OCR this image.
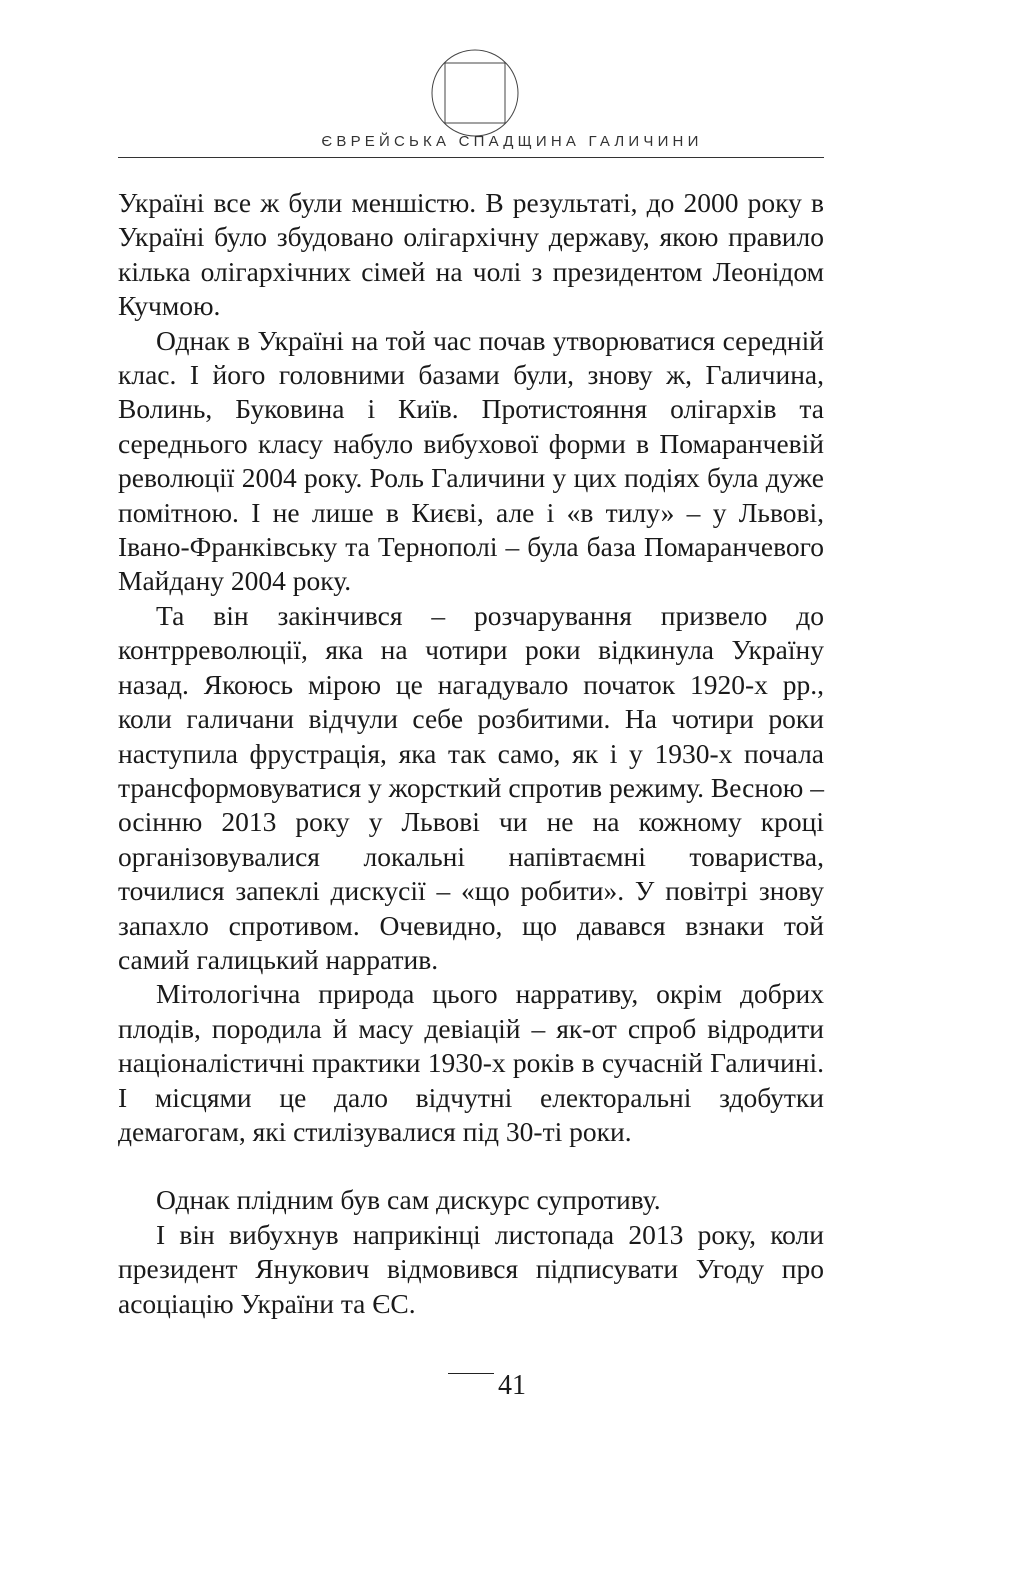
ЄВРЕЙСЬКА СПАДЩИНА ГАЛИЧИНИ

Україні все ж були меншістю. В результаті, до 2000 року в Україні було збудовано олігархічну державу, якою правило кілька олігархічних сімей на чолі з президентом Леонідом Кучмою.

Однак в Україні на той час почав утворюватися середній клас. І його головними базами були, знову ж, Галичина, Волинь, Буковина і Київ. Протистояння олігархів та середнього класу набуло вибухової форми в Помаранчевій революції 2004 року. Роль Галичини у цих подіях була дуже помітною. І не лише в Києві, але і «в тилу» – у Львові, Івано-Франківську та Тернополі – була база Помаранчевого Майдану 2004 року.

Та він закінчився – розчарування призвело до контрреволюції, яка на чотири роки відкинула Україну назад. Якоюсь мірою це нагадувало початок 1920-х рр., коли галичани відчули себе розбитими. На чотири роки наступила фрустрація, яка так само, як і у 1930-х почала трансформовуватися у жорсткий спротив режиму. Весною – осінню 2013 року у Львові чи не на кожному кроці організовувалися локальні напівтаємні товариства, точилися запеклі дискусії – «що робити». У повітрі знову запахло спротивом. Очевидно, що давався взнаки той самий галицький нарратив.

Мітологічна природа цього нарративу, окрім добрих плодів, породила й масу девіацій – як-от спроб відродити націоналістичні практики 1930-х років в сучасній Галичині. І місцями це дало відчутні електоральні здобутки демагогам, які стилізувалися під 30-ті роки.

Однак плідним був сам дискурс супротиву.

І він вибухнув наприкінці листопада 2013 року, коли президент Янукович відмовився підписувати Угоду про асоціацію України та ЄС.

41
